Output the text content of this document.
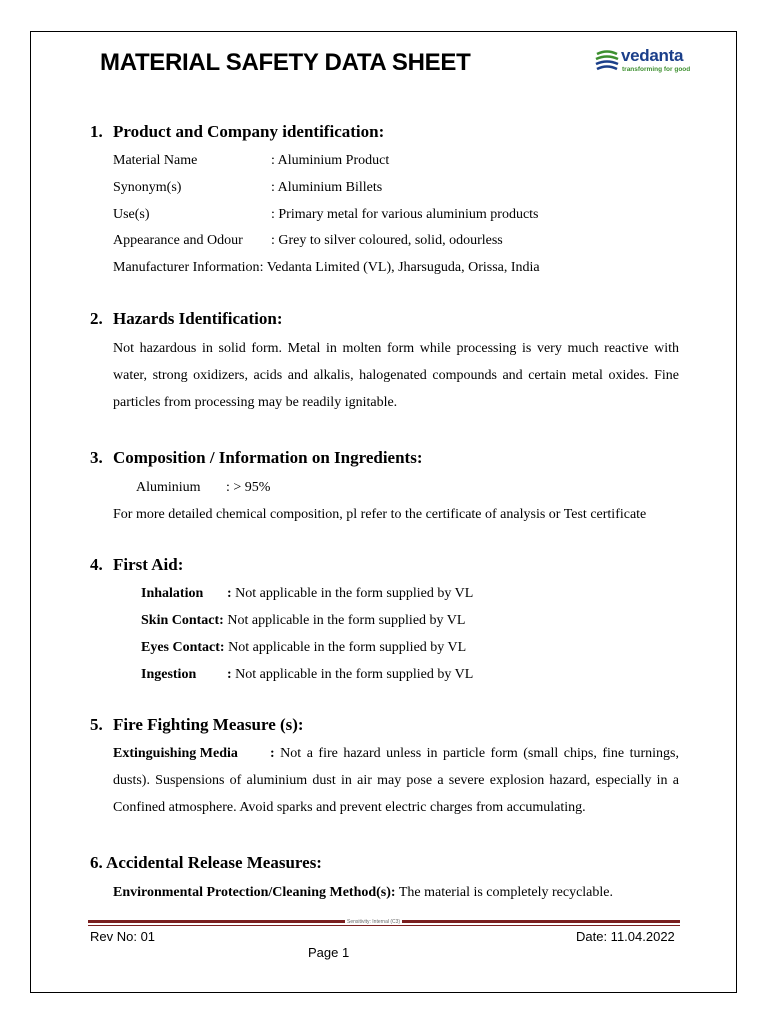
MATERIAL SAFETY DATA SHEET	vedanta
transforming for good
1. Product and Company identification:
Material Name	: Aluminium Product
Synonym(s)	: Aluminium Billets
Use(s)	: Primary metal for various aluminium products
Appearance and Odour : Grey to silver coloured, solid, odourless
Manufacturer Information: Vedanta Limited (VL), Jharsuguda, Orissa, India
2. Hazards Identification:
Not hazardous in solid form. Metal in molten form while processing is very much reactive with water, strong oxidizers, acids and alkalis, halogenated compounds and certain metal oxides. Fine particles from processing may be readily ignitable.
3. Composition / Information on Ingredients:
Aluminium : > 95%
For more detailed chemical composition, pl refer to the certificate of analysis or Test certificate
4. First Aid:
Inhalation : Not applicable in the form supplied by VL
Skin Contact: Not applicable in the form supplied by VL
Eyes Contact: Not applicable in the form supplied by VL
Ingestion : Not applicable in the form supplied by VL
5. Fire Fighting Measure (s):
Extinguishing Media : Not a fire hazard unless in particle form (small chips, fine turnings, dusts). Suspensions of aluminium dust in air may pose a severe explosion hazard, especially in a Confined atmosphere. Avoid sparks and prevent electric charges from accumulating.
6. Accidental Release Measures:
Environmental Protection/Cleaning Method(s): The material is completely recyclable.
Sensitivity: Internal (C3)
Rev No: 01	Date: 11.04.2022
Page 1
